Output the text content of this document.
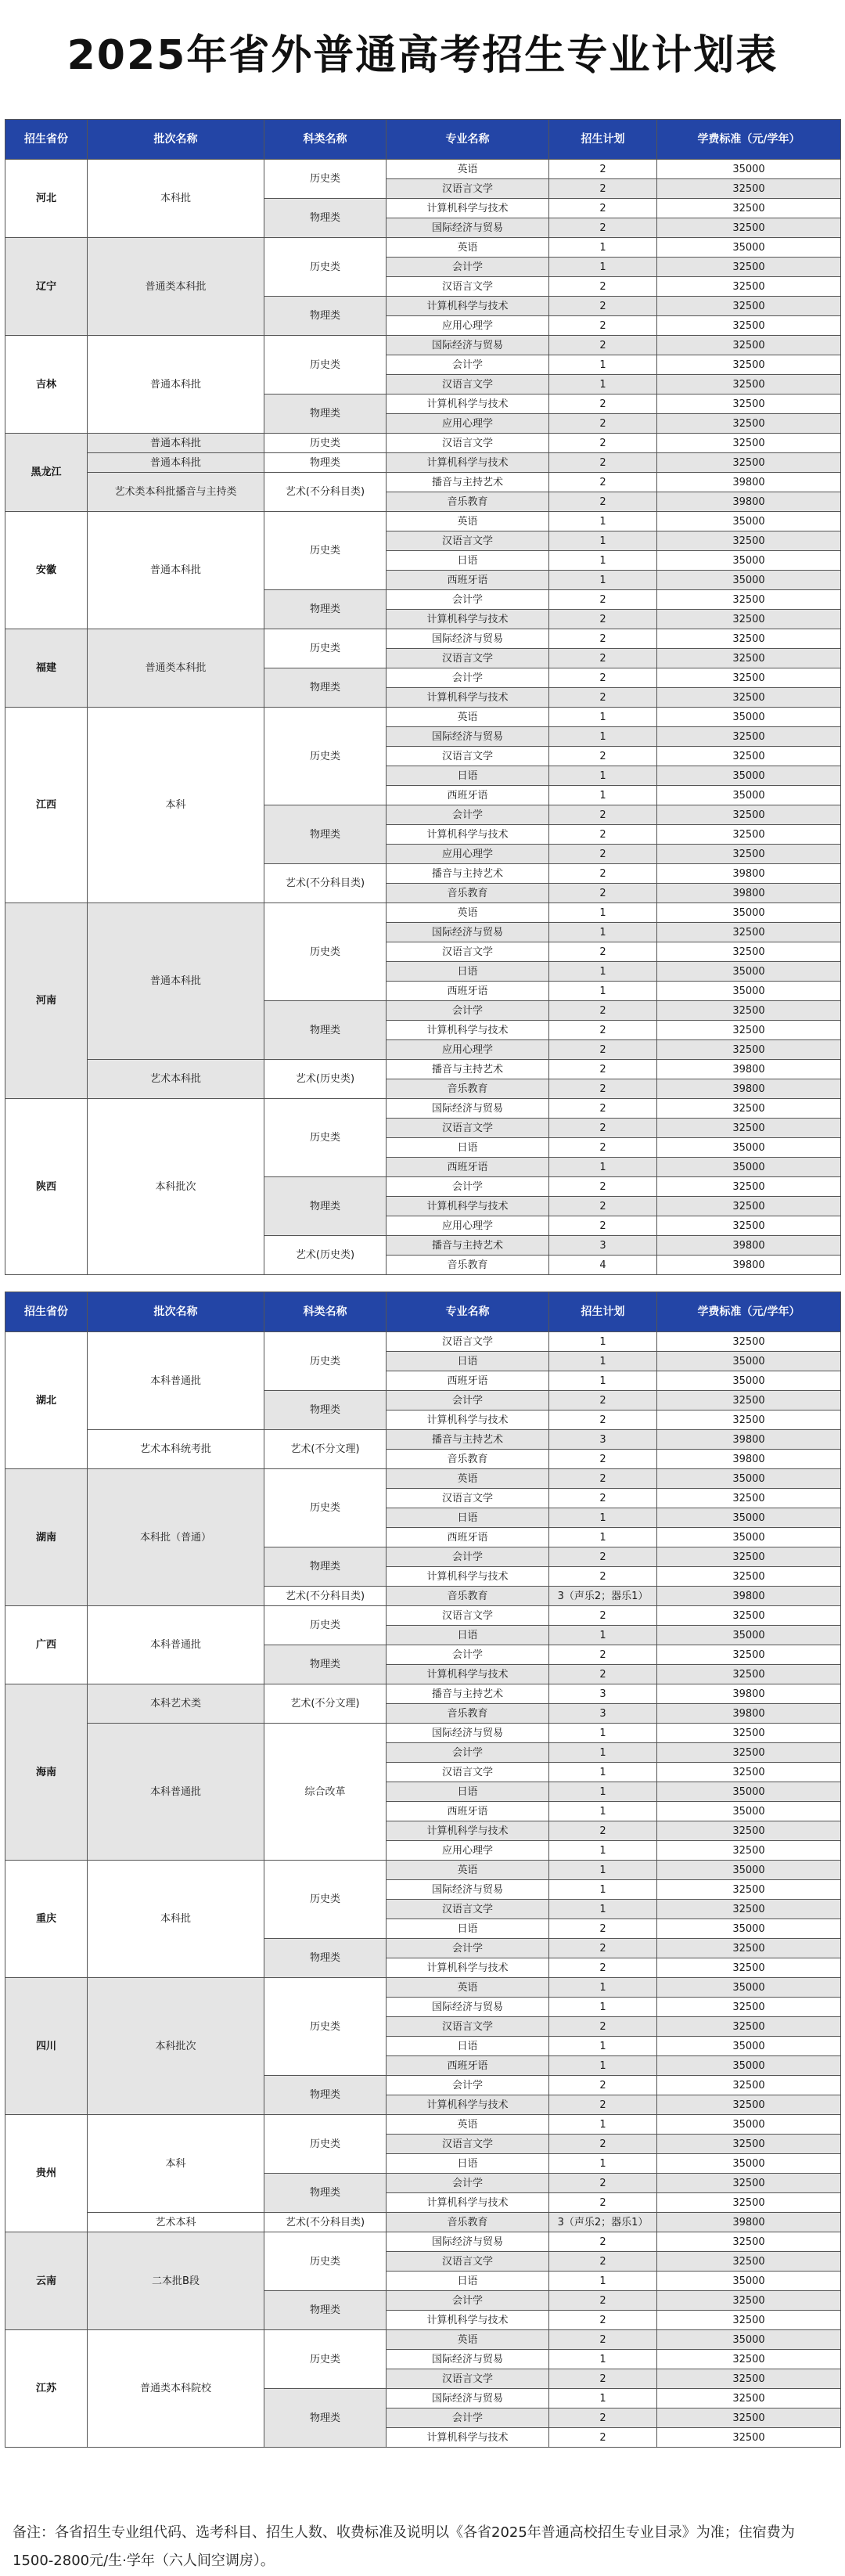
2025年省外普通高考招生专业计划表
招生省份	批次名称	科类名称	专业名称	招生计划	学费标准（元/学年）
河北	本科批	历史类	英语	2	35000
			汉语言文学	2	32500
		物理类	计算机科学与技术	2	32500
			国际经济与贸易	2	32500
辽宁	普通类本科批	历史类	英语	1	35000
			会计学	1	32500
			汉语言文学	2	32500
		物理类	计算机科学与技术	2	32500
			应用心理学	2	32500
吉林	普通本科批	历史类	国际经济与贸易	2	32500
			会计学	1	32500
			汉语言文学	1	32500
		物理类	计算机科学与技术	2	32500
			应用心理学	2	32500
黑龙江	普通本科批	历史类	汉语言文学	2	32500
	普通本科批	物理类	计算机科学与技术	2	32500
	艺术类本科批播音与主持类	艺术(不分科目类)	播音与主持艺术	2	39800
			音乐教育	2	39800
安徽	普通本科批	历史类	英语	1	35000
			汉语言文学	1	32500
			日语	1	35000
			西班牙语	1	35000
		物理类	会计学	2	32500
			计算机科学与技术	2	32500
福建	普通类本科批	历史类	国际经济与贸易	2	32500
			汉语言文学	2	32500
		物理类	会计学	2	32500
			计算机科学与技术	2	32500
江西	本科	历史类	英语	1	35000
			国际经济与贸易	1	32500
			汉语言文学	2	32500
			日语	1	35000
			西班牙语	1	35000
		物理类	会计学	2	32500
			计算机科学与技术	2	32500
			应用心理学	2	32500
		艺术(不分科目类)	播音与主持艺术	2	39800
			音乐教育	2	39800
河南	普通本科批	历史类	英语	1	35000
			国际经济与贸易	1	32500
			汉语言文学	2	32500
			日语	1	35000
			西班牙语	1	35000
		物理类	会计学	2	32500
			计算机科学与技术	2	32500
			应用心理学	2	32500
	艺术本科批	艺术(历史类)	播音与主持艺术	2	39800
			音乐教育	2	39800
陕西	本科批次	历史类	国际经济与贸易	2	32500
			汉语言文学	2	32500
			日语	2	35000
			西班牙语	1	35000
		物理类	会计学	2	32500
			计算机科学与技术	2	32500
			应用心理学	2	32500
		艺术(历史类)	播音与主持艺术	3	39800
			音乐教育	4	39800
招生省份	批次名称	科类名称	专业名称	招生计划	学费标准（元/学年）
湖北	本科普通批	历史类	汉语言文学	1	32500
			日语	1	35000
			西班牙语	1	35000
		物理类	会计学	2	32500
			计算机科学与技术	2	32500
	艺术本科统考批	艺术(不分文理)	播音与主持艺术	3	39800
			音乐教育	2	39800
湖南	本科批（普通）	历史类	英语	2	35000
			汉语言文学	2	32500
			日语	1	35000
			西班牙语	1	35000
		物理类	会计学	2	32500
			计算机科学与技术	2	32500
		艺术(不分科目类)	音乐教育	3（声乐2；器乐1）	39800
广西	本科普通批	历史类	汉语言文学	2	32500
			日语	1	35000
		物理类	会计学	2	32500
			计算机科学与技术	2	32500
海南	本科艺术类	艺术(不分文理)	播音与主持艺术	3	39800
			音乐教育	3	39800
	本科普通批	综合改革	国际经济与贸易	1	32500
			会计学	1	32500
			汉语言文学	1	32500
			日语	1	35000
			西班牙语	1	35000
			计算机科学与技术	2	32500
			应用心理学	1	32500
重庆	本科批	历史类	英语	1	35000
			国际经济与贸易	1	32500
			汉语言文学	1	32500
			日语	2	35000
		物理类	会计学	2	32500
			计算机科学与技术	2	32500
四川	本科批次	历史类	英语	1	35000
			国际经济与贸易	1	32500
			汉语言文学	2	32500
			日语	1	35000
			西班牙语	1	35000
		物理类	会计学	2	32500
			计算机科学与技术	2	32500
贵州	本科	历史类	英语	1	35000
			汉语言文学	2	32500
			日语	1	35000
		物理类	会计学	2	32500
			计算机科学与技术	2	32500
	艺术本科	艺术(不分科目类)	音乐教育	3（声乐2；器乐1）	39800
云南	二本批B段	历史类	国际经济与贸易	2	32500
			汉语言文学	2	32500
			日语	1	35000
		物理类	会计学	2	32500
			计算机科学与技术	2	32500
江苏	普通类本科院校	历史类	英语	2	35000
			国际经济与贸易	1	32500
			汉语言文学	2	32500
		物理类	国际经济与贸易	1	32500
			会计学	2	32500
			计算机科学与技术	2	32500

备注：各省招生专业组代码、选考科目、招生人数、收费标准及说明以《各省2025年普通高校招生专业目录》为准；住宿费为1500-2800元/生·学年（六人间空调房）。
